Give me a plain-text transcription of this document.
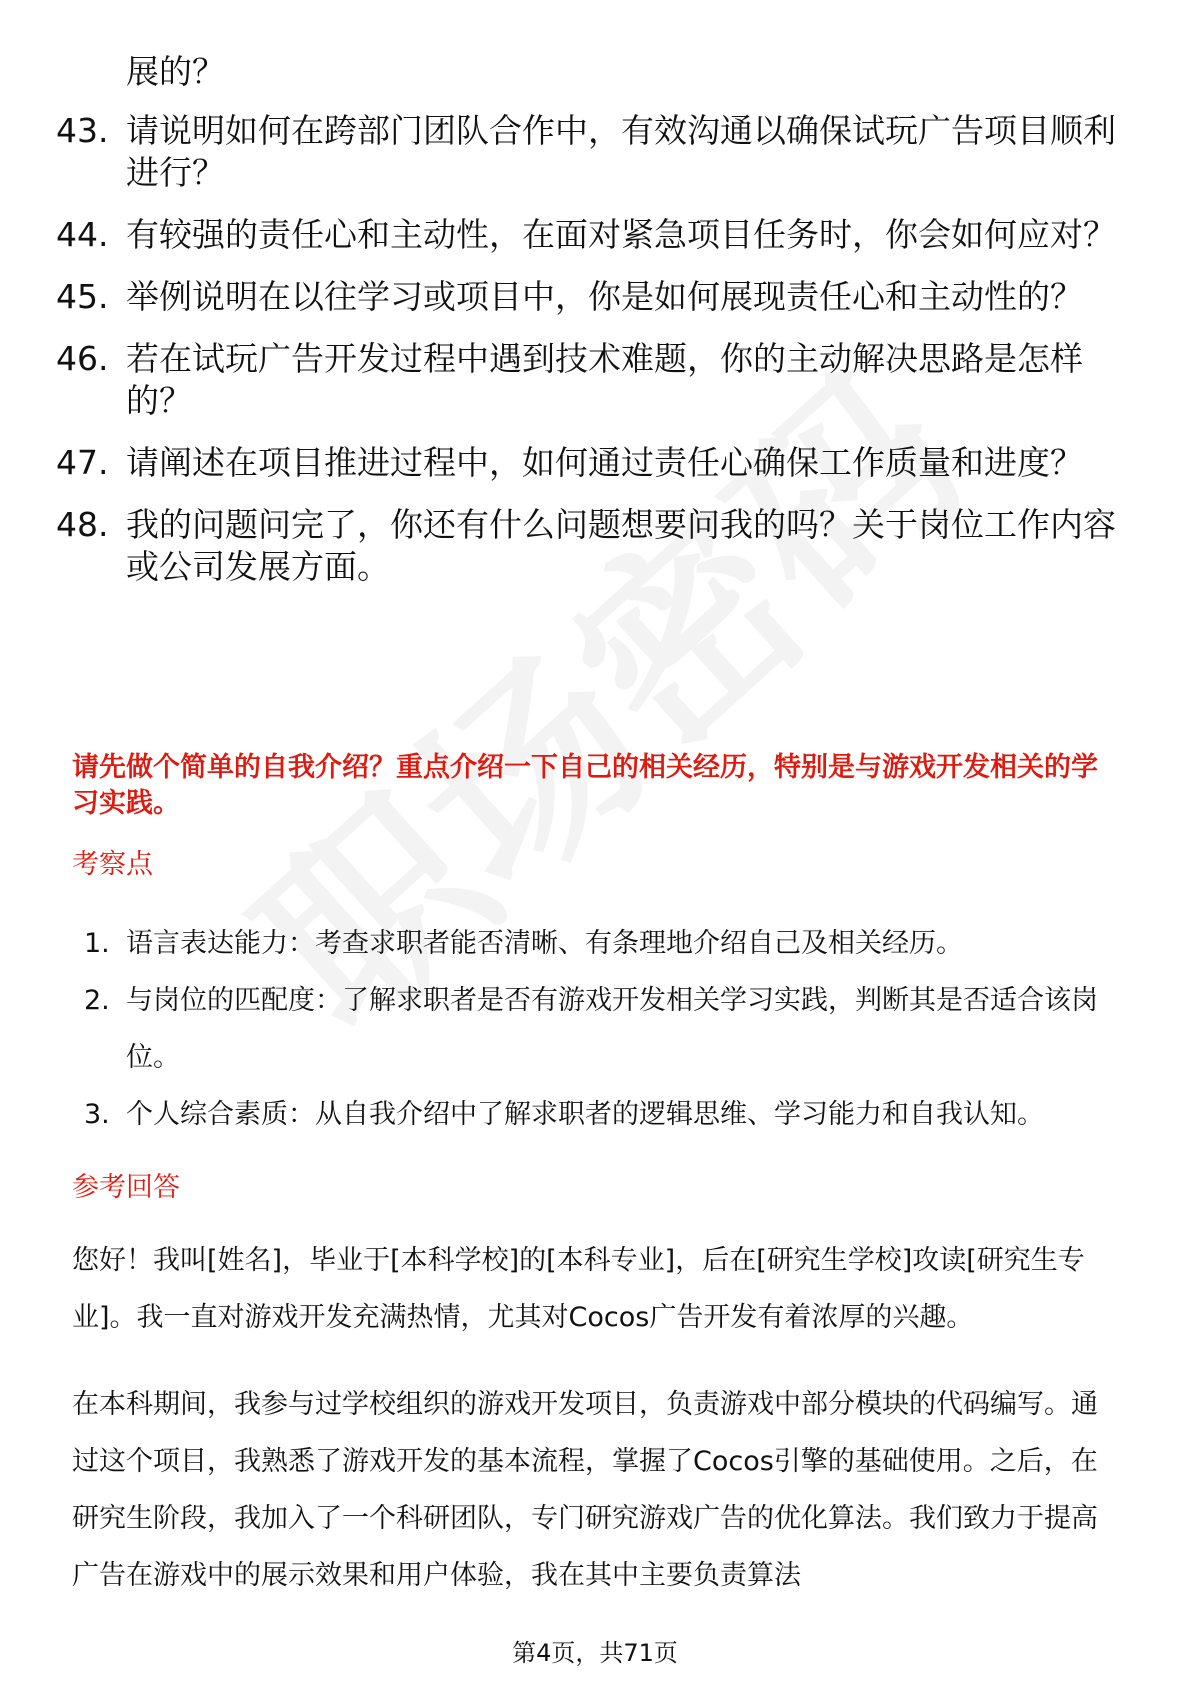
展的？
43. 请说明如何在跨部门团队合作中，有效沟通以确保试玩广告项目顺利进行？
44. 有较强的责任心和主动性，在面对紧急项目任务时，你会如何应对？
45. 举例说明在以往学习或项目中，你是如何展现责任心和主动性的？
46. 若在试玩广告开发过程中遇到技术难题，你的主动解决思路是怎样的？
47. 请阐述在项目推进过程中，如何通过责任心确保工作质量和进度？
48. 我的问题问完了，你还有什么问题想要问我的吗？关于岗位工作内容或公司发展方面。
请先做个简单的自我介绍？重点介绍一下自己的相关经历，特别是与游戏开发相关的学习实践。
考察点
1. 语言表达能力：考查求职者能否清晰、有条理地介绍自己及相关经历。
2. 与岗位的匹配度：了解求职者是否有游戏开发相关学习实践，判断其是否适合该岗位。
3. 个人综合素质：从自我介绍中了解求职者的逻辑思维、学习能力和自我认知。
参考回答
您好！我叫[姓名]，毕业于[本科学校]的[本科专业]，后在[研究生学校]攻读[研究生专业]。我一直对游戏开发充满热情，尤其对Cocos广告开发有着浓厚的兴趣。
在本科期间，我参与过学校组织的游戏开发项目，负责游戏中部分模块的代码编写。通过这个项目，我熟悉了游戏开发的基本流程，掌握了Cocos引擎的基础使用。之后，在研究生阶段，我加入了一个科研团队，专门研究游戏广告的优化算法。我们致力于提高广告在游戏中的展示效果和用户体验，我在其中主要负责算法
第4页，共71页
